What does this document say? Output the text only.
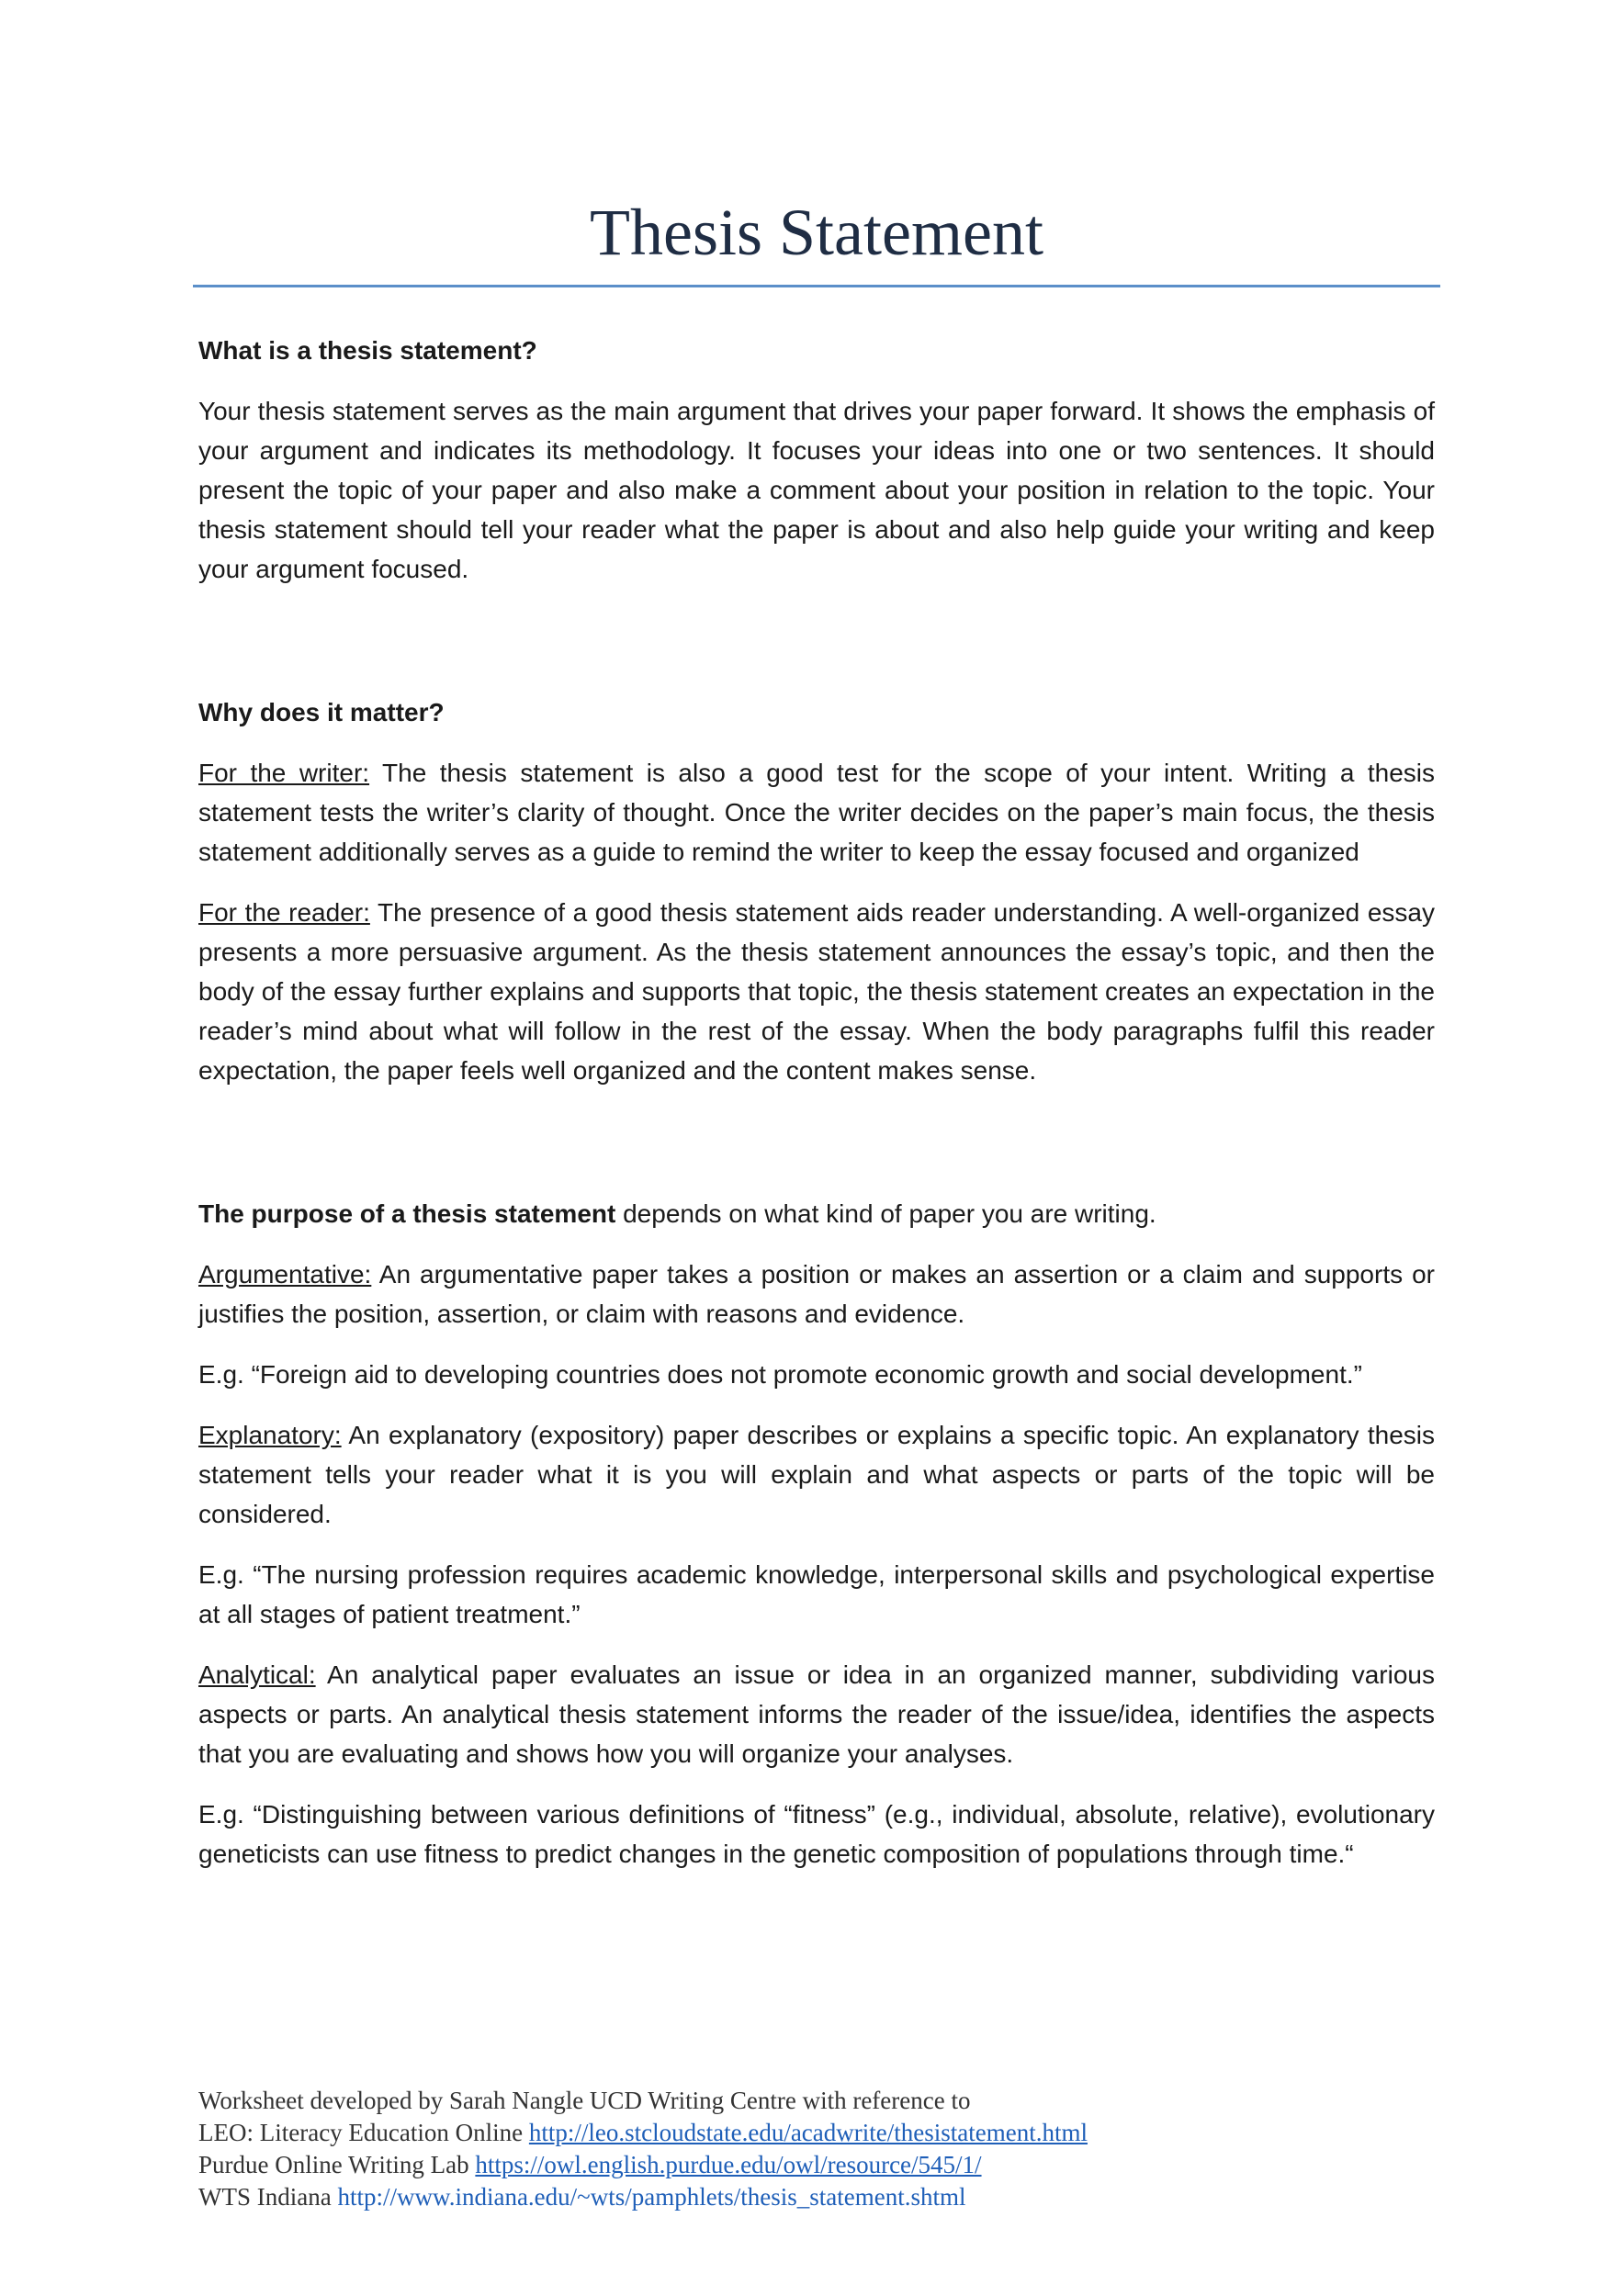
Thesis Statement

What is a thesis statement?

Your thesis statement serves as the main argument that drives your paper forward. It shows the emphasis of your argument and indicates its methodology. It focuses your ideas into one or two sentences. It should present the topic of your paper and also make a comment about your position in relation to the topic. Your thesis statement should tell your reader what the paper is about and also help guide your writing and keep your argument focused.

Why does it matter?

For the writer: The thesis statement is also a good test for the scope of your intent. Writing a thesis statement tests the writer’s clarity of thought. Once the writer decides on the paper’s main focus, the thesis statement additionally serves as a guide to remind the writer to keep the essay focused and organized

For the reader: The presence of a good thesis statement aids reader understanding. A well-organized essay presents a more persuasive argument. As the thesis statement announces the essay’s topic, and then the body of the essay further explains and supports that topic, the thesis statement creates an expectation in the reader’s mind about what will follow in the rest of the essay. When the body paragraphs fulfil this reader expectation, the paper feels well organized and the content makes sense.

The purpose of a thesis statement depends on what kind of paper you are writing.

Argumentative: An argumentative paper takes a position or makes an assertion or a claim and supports or justifies the position, assertion, or claim with reasons and evidence.

E.g. “Foreign aid to developing countries does not promote economic growth and social development.”

Explanatory: An explanatory (expository) paper describes or explains a specific topic. An explanatory thesis statement tells your reader what it is you will explain and what aspects or parts of the topic will be considered.

E.g. “The nursing profession requires academic knowledge, interpersonal skills and psychological expertise at all stages of patient treatment.”

Analytical: An analytical paper evaluates an issue or idea in an organized manner, subdividing various aspects or parts. An analytical thesis statement informs the reader of the issue/idea, identifies the aspects that you are evaluating and shows how you will organize your analyses.

E.g. “Distinguishing between various definitions of “fitness” (e.g., individual, absolute, relative), evolutionary geneticists can use fitness to predict changes in the genetic composition of populations through time.“

Worksheet developed by Sarah Nangle UCD Writing Centre with reference to
LEO: Literacy Education Online http://leo.stcloudstate.edu/acadwrite/thesistatement.html
Purdue Online Writing Lab https://owl.english.purdue.edu/owl/resource/545/1/
WTS Indiana http://www.indiana.edu/~wts/pamphlets/thesis_statement.shtml
